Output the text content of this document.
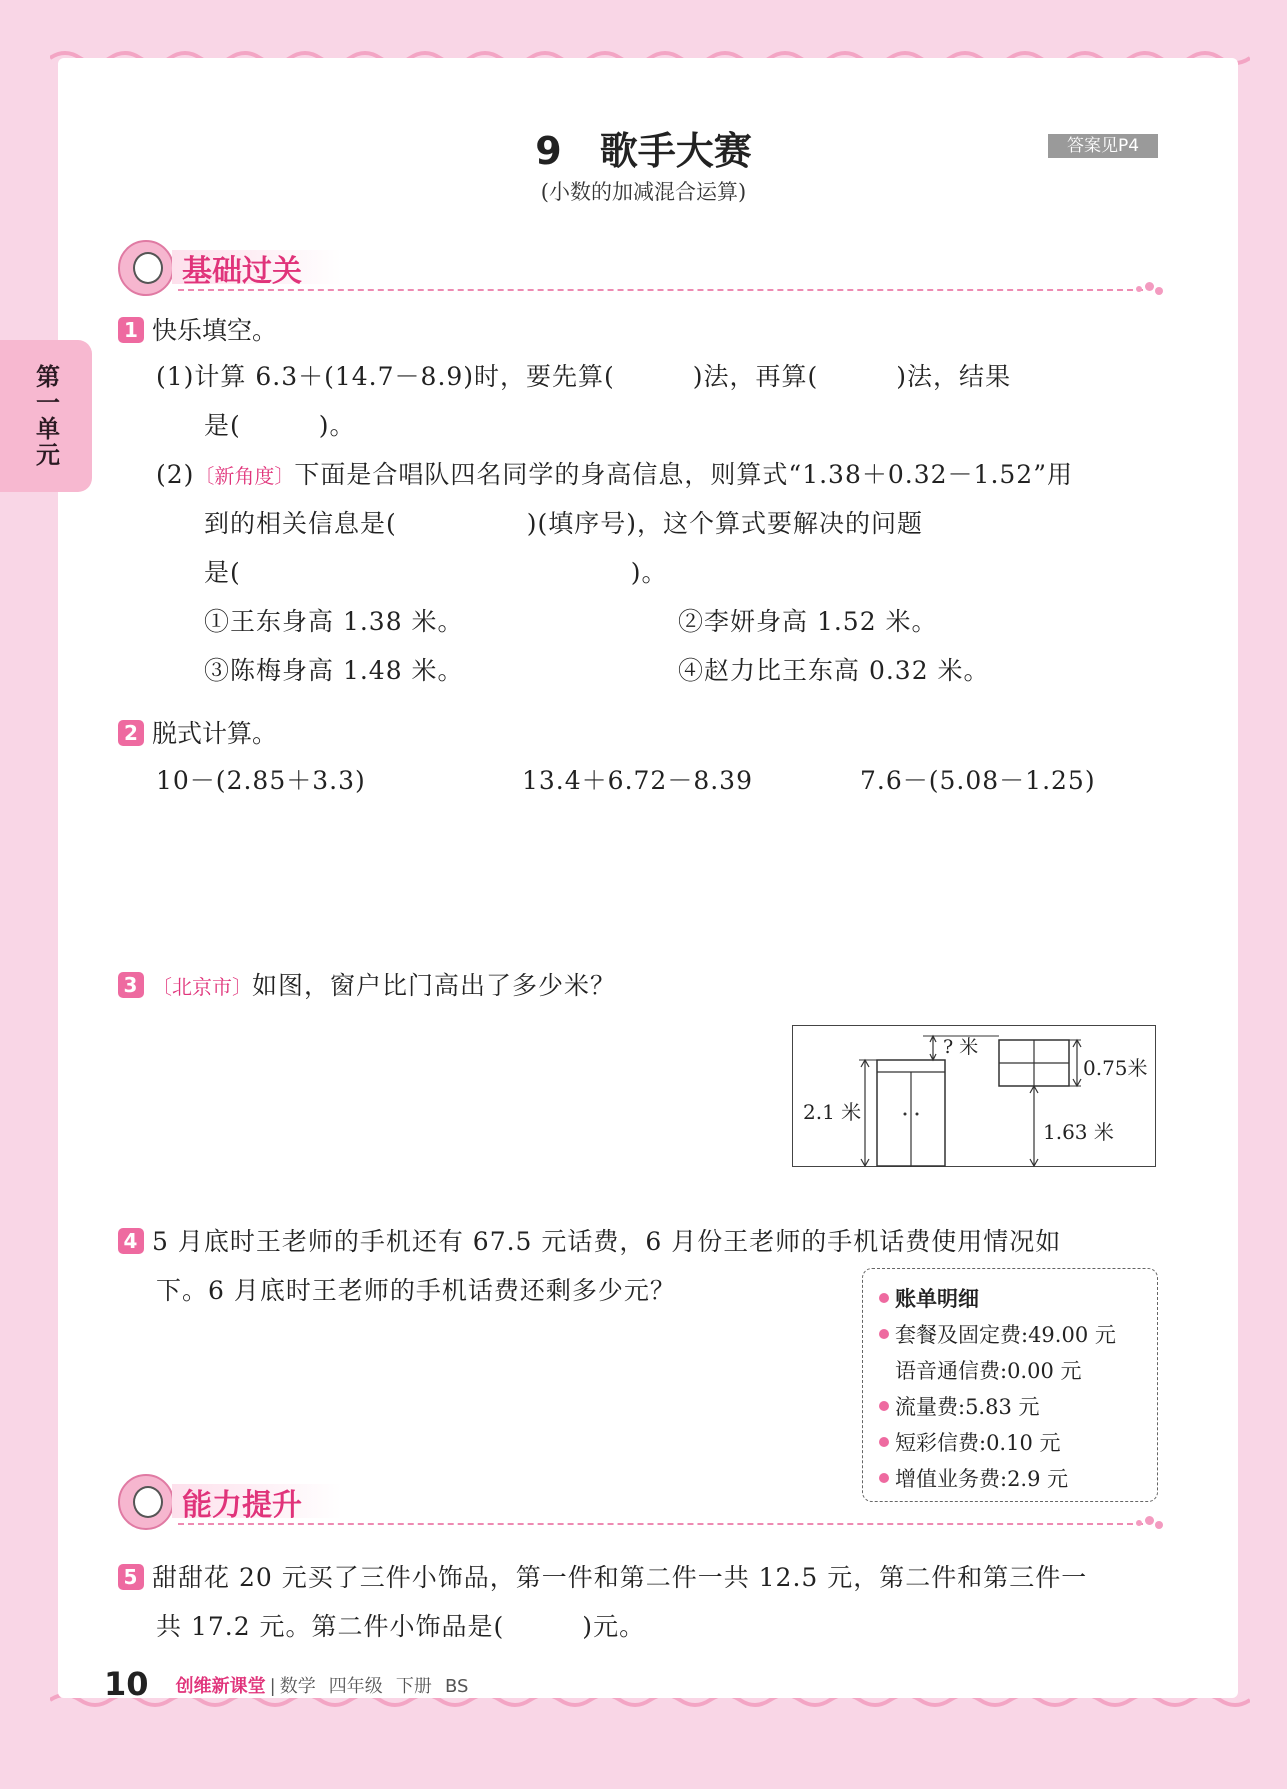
第一单元
9　歌手大赛
(小数的加减混合运算)
答案见P4
基础过关
1 快乐填空。
(1)计算 6.3＋(14.7－8.9)时，要先算(　　　)法，再算(　　　)法，结果
是(　　　)。
(2)〔新角度〕下面是合唱队四名同学的身高信息，则算式“1.38＋0.32－1.52”用
到的相关信息是(　　　　　)(填序号)，这个算式要解决的问题
是(　　　　　　　　　　　　　　　)。
①王东身高 1.38 米。	②李妍身高 1.52 米。
③陈梅身高 1.48 米。	④赵力比王东高 0.32 米。
2 脱式计算。
10－(2.85＋3.3)	13.4＋6.72－8.39	7.6－(5.08－1.25)
3 〔北京市〕如图，窗户比门高出了多少米？
2.1 米
? 米
0.75米
1.63 米
4 5 月底时王老师的手机还有 67.5 元话费，6 月份王老师的手机话费使用情况如
下。6 月底时王老师的手机话费还剩多少元？	账单明细
套餐及固定费:49.00 元
语音通信费:0.00 元
流量费:5.83 元
短彩信费:0.10 元
增值业务费:2.9 元
能力提升
5 甜甜花 20 元买了三件小饰品，第一件和第二件一共 12.5 元，第二件和第三件一
共 17.2 元。第二件小饰品是(　　　)元。
10 创维新课堂 | 数学 四年级 下册 BS
